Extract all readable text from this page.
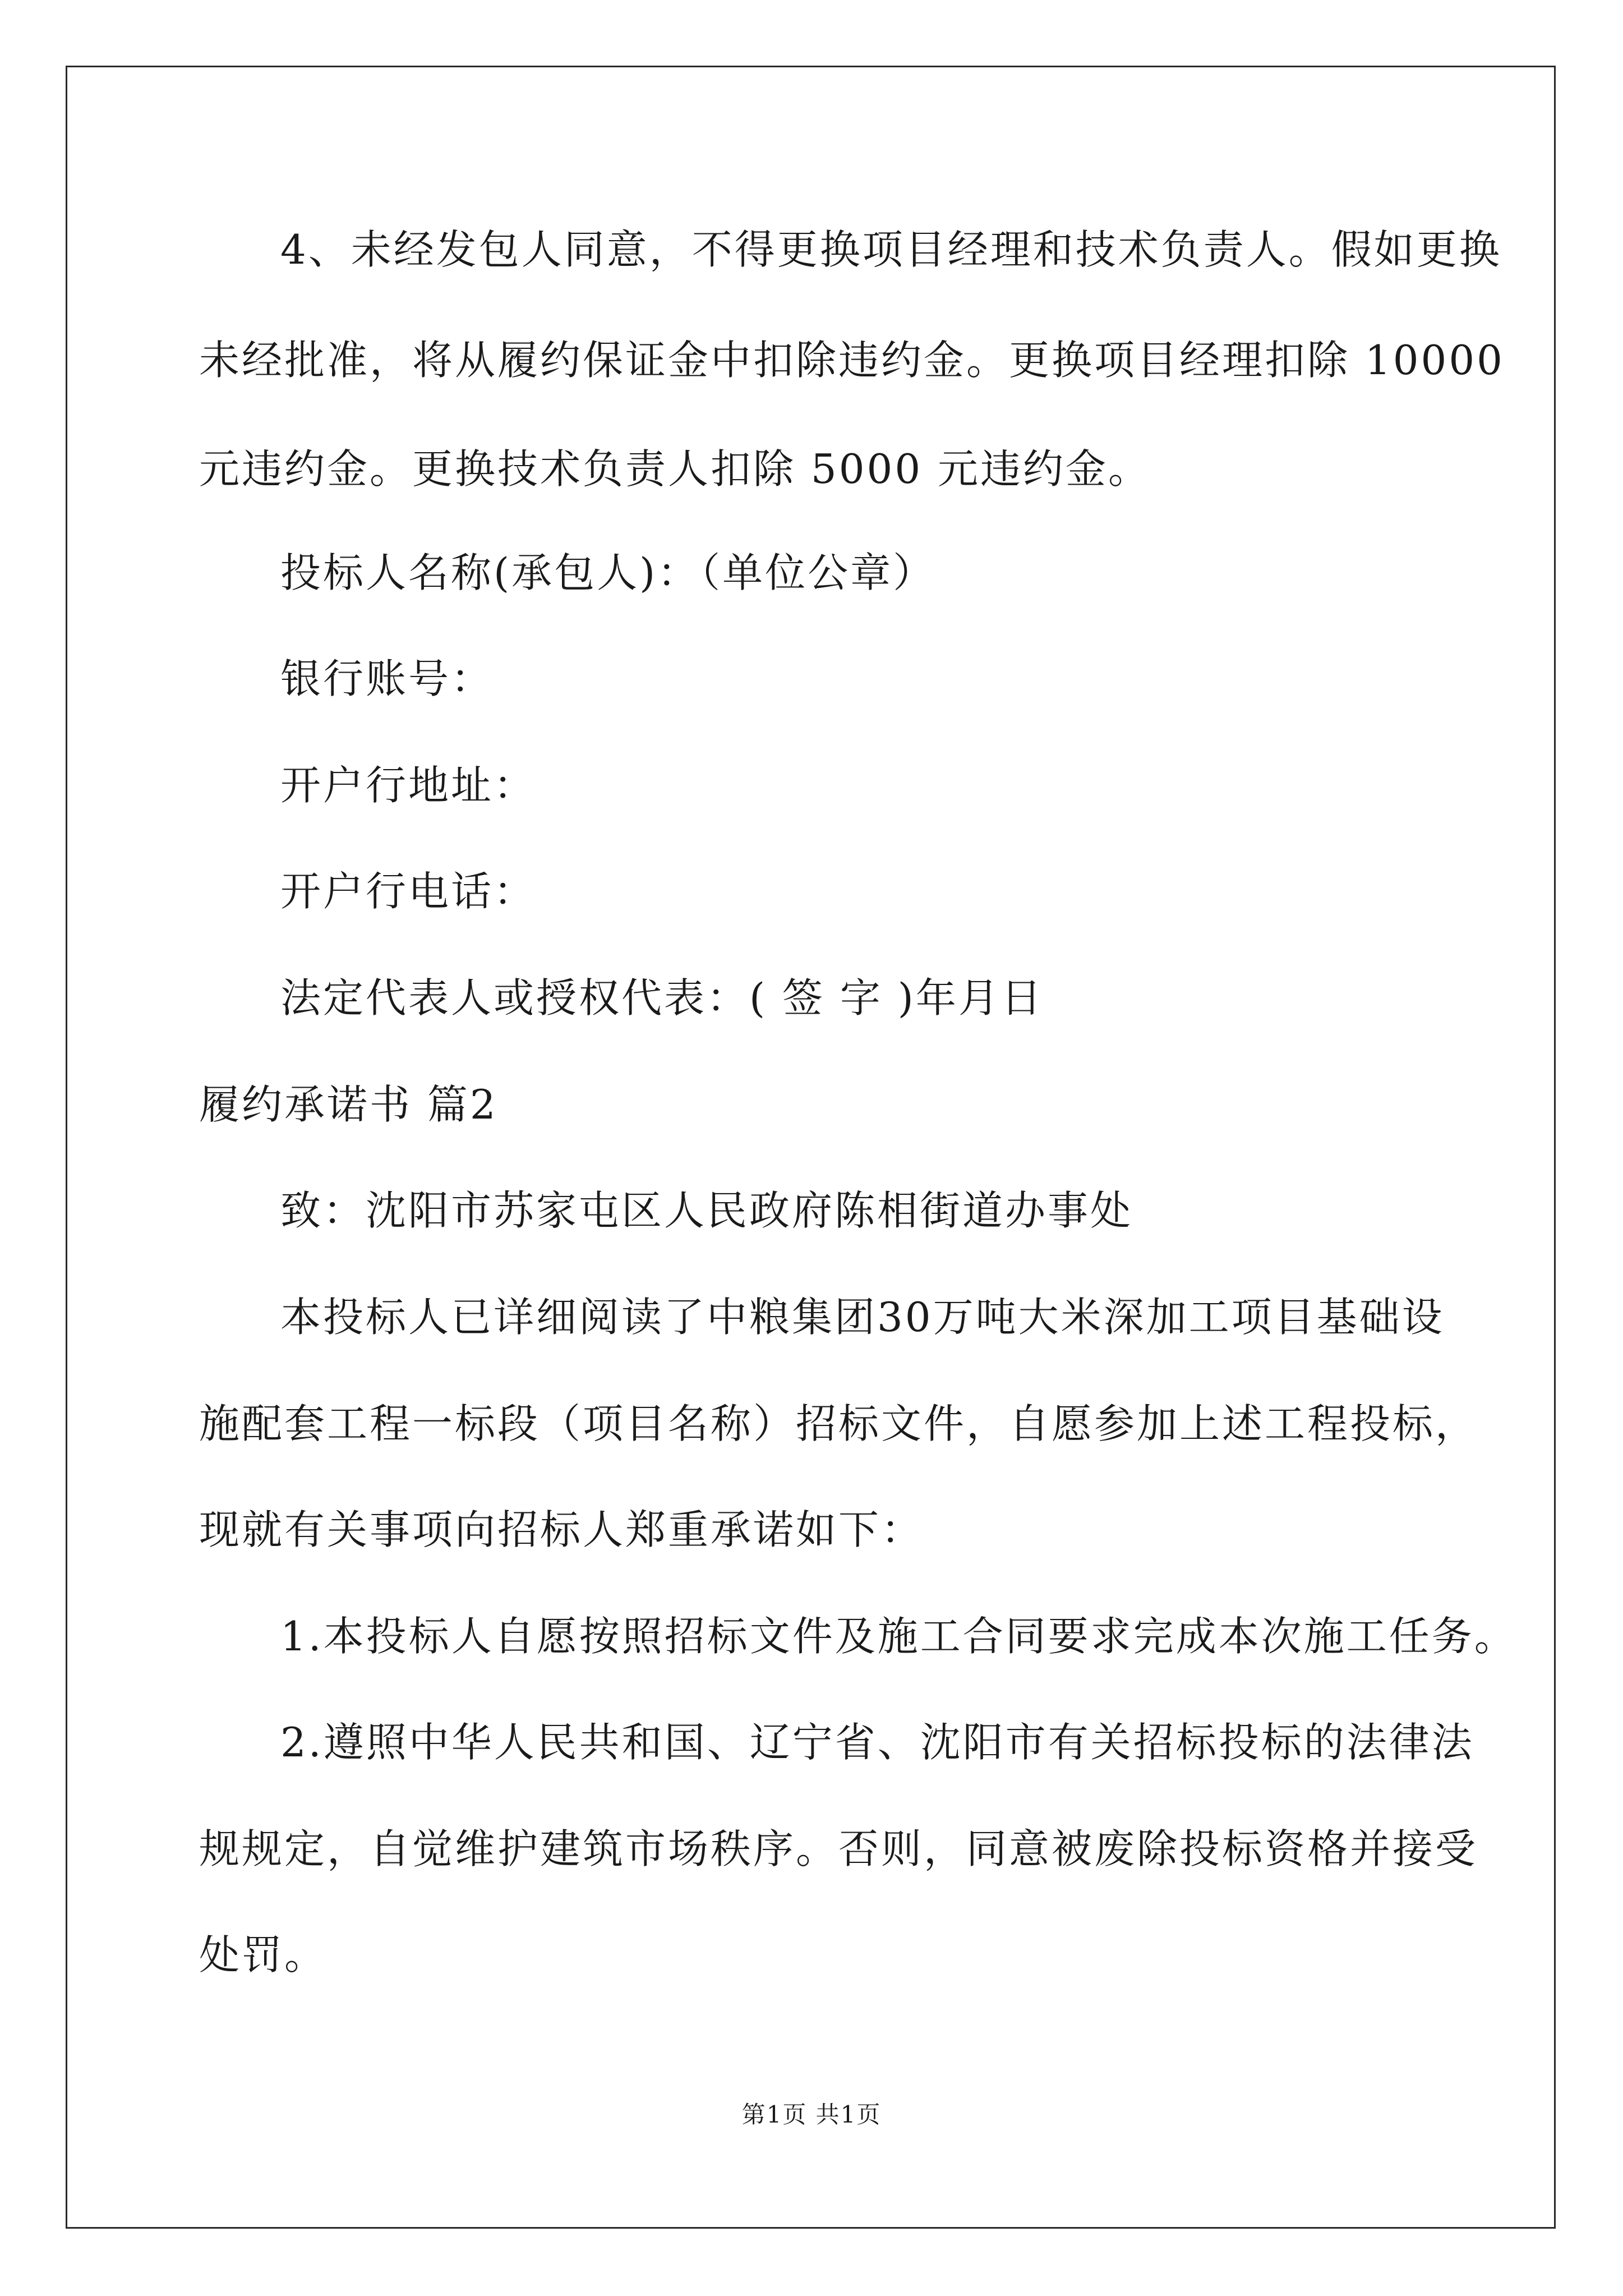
4、未经发包人同意，不得更换项目经理和技术负责人。假如更换
未经批准，将从履约保证金中扣除违约金。更换项目经理扣除 10000
元违约金。更换技术负责人扣除 5000 元违约金。
投标人名称(承包人)：（单位公章）
银行账号：
开户行地址：
开户行电话：
法定代表人或授权代表：( 签 字 )年月日
履约承诺书 篇2
致：沈阳市苏家屯区人民政府陈相街道办事处
本投标人已详细阅读了中粮集团30万吨大米深加工项目基础设
施配套工程一标段（项目名称）招标文件，自愿参加上述工程投标，
现就有关事项向招标人郑重承诺如下：
1.本投标人自愿按照招标文件及施工合同要求完成本次施工任务。
2.遵照中华人民共和国、辽宁省、沈阳市有关招标投标的法律法
规规定，自觉维护建筑市场秩序。否则，同意被废除投标资格并接受
处罚。
第1页 共1页
